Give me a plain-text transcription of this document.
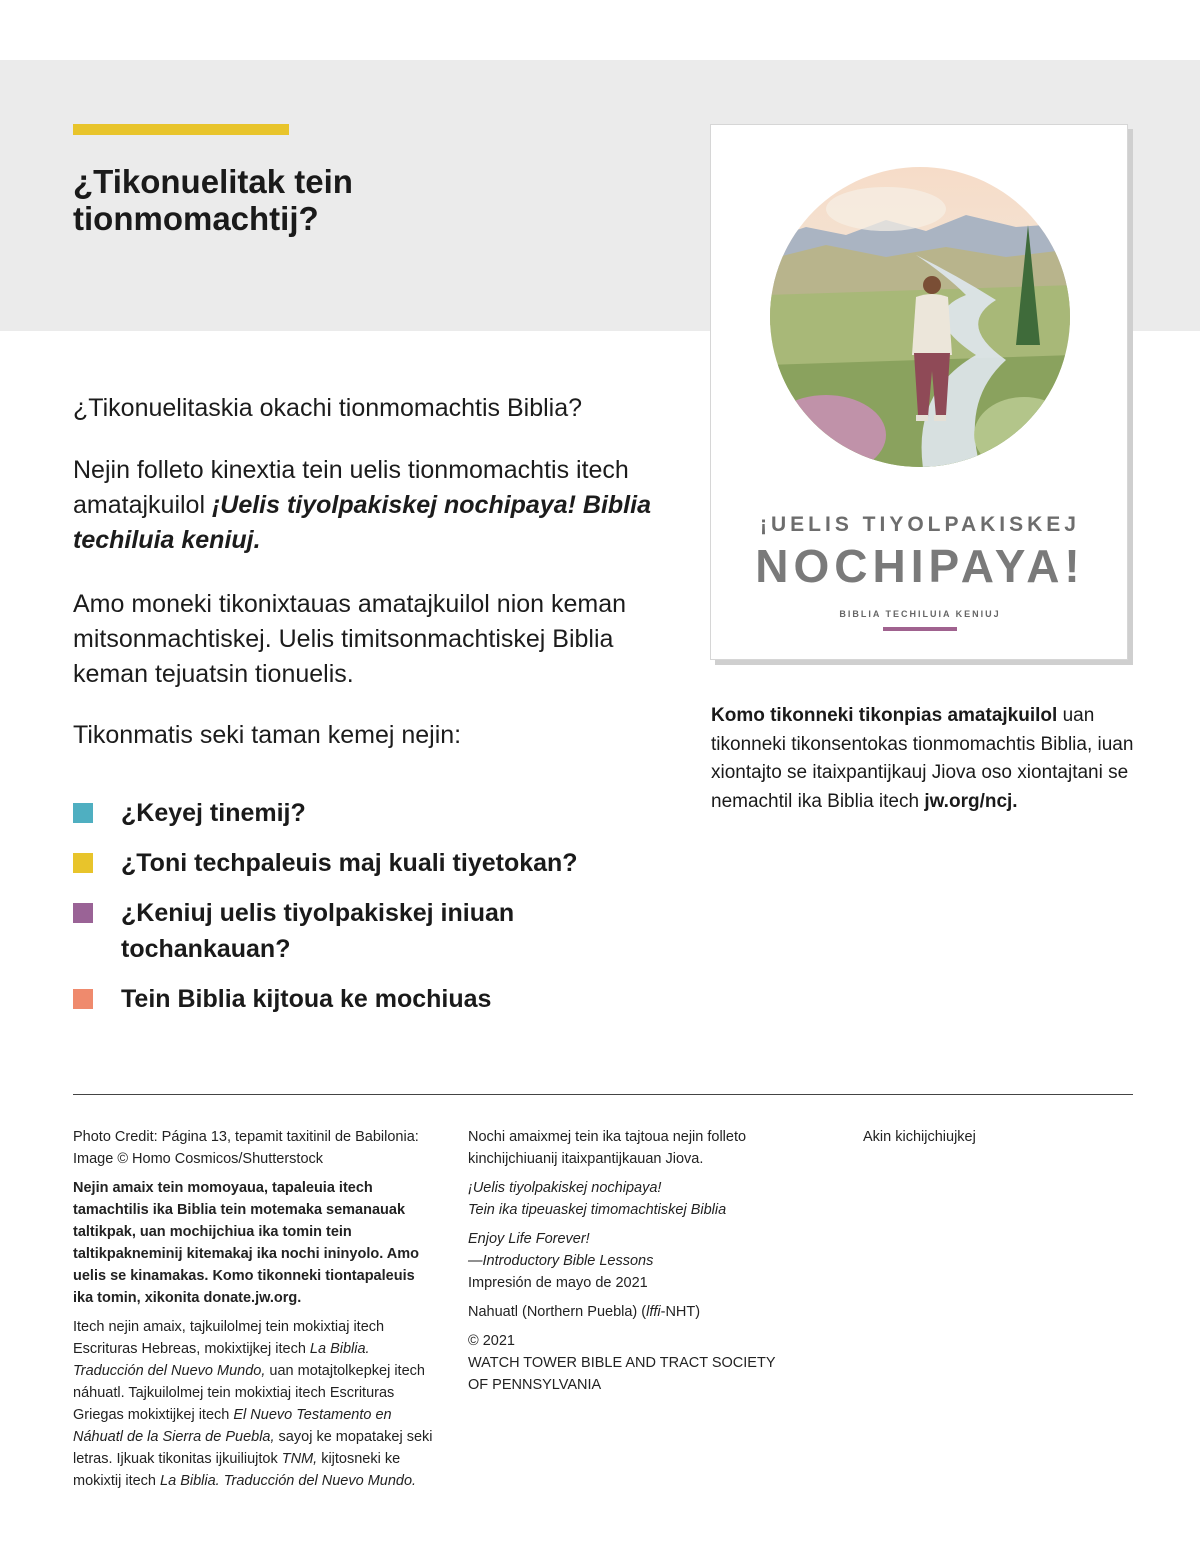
¿Tikonuelitak tein
tionmomachtij?
¡UELIS TIYOLPAKISKEJ
NOCHIPAYA!
BIBLIA TECHILUIA KENIUJ

¿Tikonuelitaskia okachi tionmomachtis Biblia?

Nejin folleto kinextia tein uelis tionmomachtis itech amatajkuilol ¡Uelis tiyolpakiskej nochipaya! Biblia techiluia keniuj.

Amo moneki tikonixtauas amatajkuilol nion keman mitsonmachtiskej. Uelis timitsonmachtiskej Biblia keman tejuatsin tionuelis.

Tikonmatis seki taman kemej nejin:

¿Keyej tinemij?
¿Toni techpaleuis maj kuali tiyetokan?
¿Keniuj uelis tiyolpakiskej iniuan tochankauan?
Tein Biblia kijtoua ke mochiuas

Komo tikonneki tikonpias amatajkuilol uan tikonneki tikonsentokas tionmomachtis Biblia, iuan xiontajto se itaixpantijkauj Jiova oso xiontajtani se nemachtil ika Biblia itech jw.org/ncj.

Photo Credit: Página 13, tepamit taxitinil de Babilonia: Image © Homo Cosmicos/Shutterstock

Nejin amaix tein momoyaua, tapaleuia itech tamachtilis ika Biblia tein motemaka semanauak taltikpak, uan mochijchiua ika tomin tein taltikpakneminij kitemakaj ika nochi ininyolo. Amo uelis se kinamakas. Komo tikonneki tiontapaleuis ika tomin, xikonita donate.jw.org.

Itech nejin amaix, tajkuilolmej tein mokixtiaj itech Escrituras Hebreas, mokixtijkej itech La Biblia. Traducción del Nuevo Mundo, uan motajtolkepkej itech náhuatl. Tajkuilolmej tein mokixtiaj itech Escrituras Griegas mokixtijkej itech El Nuevo Testamento en Náhuatl de la Sierra de Puebla, sayoj ke mopatakej seki letras. Ijkuak tikonitas ijkuiliujtok TNM, kijtosneki ke mokixtij itech La Biblia. Traducción del Nuevo Mundo.

Nochi amaixmej tein ika tajtoua nejin folleto kinchijchiuanij itaixpantijkauan Jiova.

¡Uelis tiyolpakiskej nochipaya!
Tein ika tipeuaskej timomachtiskej Biblia

Enjoy Life Forever!
—Introductory Bible Lessons
Impresión de mayo de 2021

Nahuatl (Northern Puebla) (lffi-NHT)

© 2021
WATCH TOWER BIBLE AND TRACT SOCIETY
OF PENNSYLVANIA

Akin kichijchiujkej
